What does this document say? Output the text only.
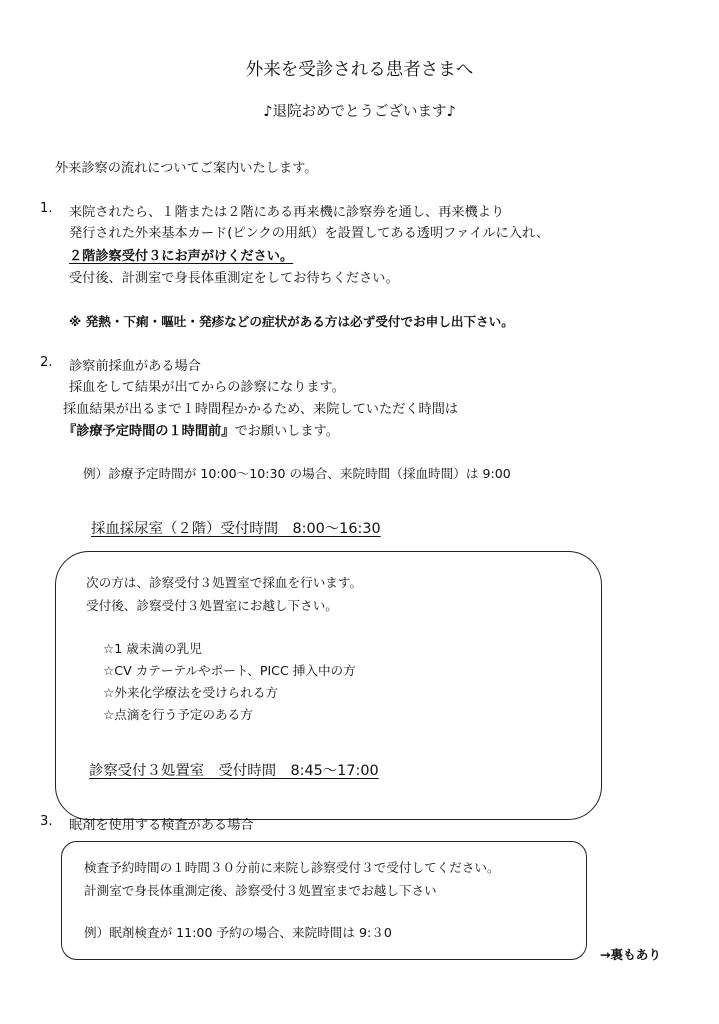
外来を受診される患者さまへ
♪退院おめでとうございます♪
外来診察の流れについてご案内いたします。
1. 来院されたら、１階または２階にある再来機に診察券を通し、再来機より
発行された外来基本カード(ピンクの用紙）を設置してある透明ファイルに入れ、
２階診察受付３にお声がけください。
受付後、計測室で身長体重測定をしてお待ちください。
※ 発熱・下痢・嘔吐・発疹などの症状がある方は必ず受付でお申し出下さい。
2. 診察前採血がある場合
採血をして結果が出てからの診察になります。
採血結果が出るまで１時間程かかるため、来院していただく時間は
『診療予定時間の１時間前』でお願いします。
例）診療予定時間が 10:00～10:30 の場合、来院時間（採血時間）は 9:00
採血採尿室（２階）受付時間　8:00～16:30
次の方は、診察受付３処置室で採血を行います。
受付後、診察受付３処置室にお越し下さい。
☆1 歳未満の乳児
☆CV カテーテルやポート、PICC 挿入中の方
☆外来化学療法を受けられる方
☆点滴を行う予定のある方
診察受付３処置室　受付時間　8:45～17:00
3. 眠剤を使用する検査がある場合
検査予約時間の１時間３０分前に来院し診察受付３で受付してください。
計測室で身長体重測定後、診察受付３処置室までお越し下さい
例）眠剤検査が 11:00 予約の場合、来院時間は 9:３0
→裏もあり
